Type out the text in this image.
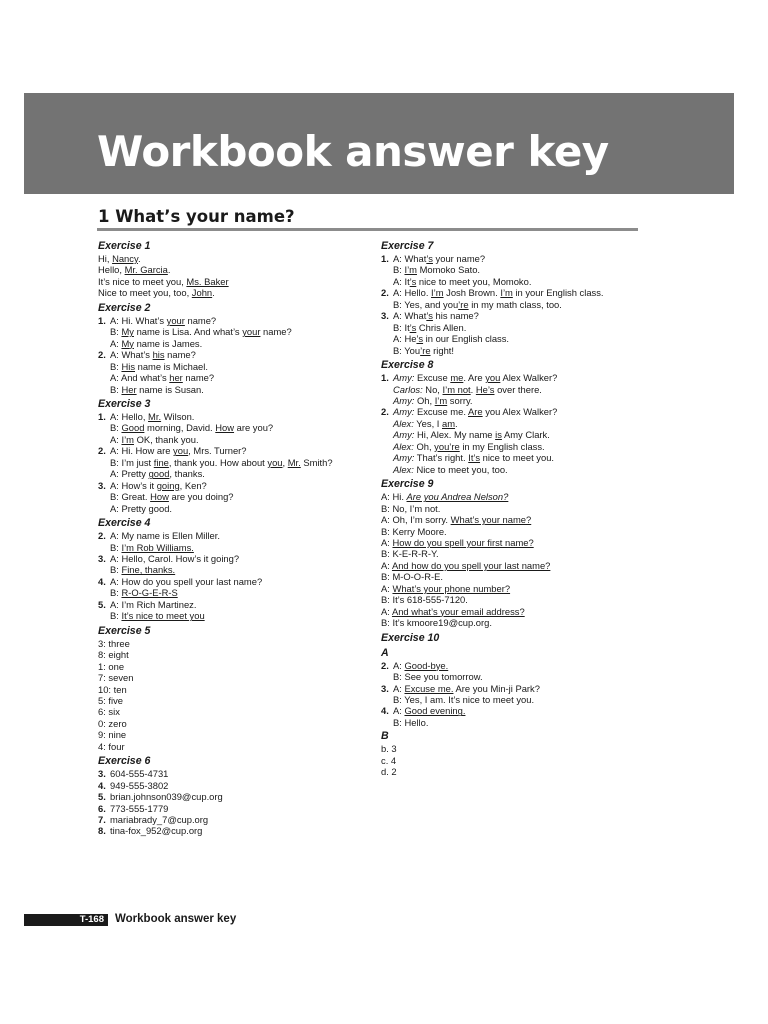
Workbook answer key
1 What’s your name?
Exercise 1
Hi, Nancy.
Hello, Mr. Garcia.
It’s nice to meet you, Ms. Baker
Nice to meet you, too, John.
Exercise 2
1. A: Hi. What’s your name?
B: My name is Lisa. And what’s your name?
A: My name is James.
2. A: What’s his name?
B: His name is Michael.
A: And what’s her name?
B: Her name is Susan.
Exercise 3
1. A: Hello, Mr. Wilson.
B: Good morning, David. How are you?
A: I’m OK, thank you.
2. A: Hi. How are you, Mrs. Turner?
B: I’m just fine, thank you. How about you, Mr. Smith?
A: Pretty good, thanks.
3. A: How’s it going, Ken?
B: Great. How are you doing?
A: Pretty good.
Exercise 4
2. A: My name is Ellen Miller.
B: I’m Rob Williams.
3. A: Hello, Carol. How’s it going?
B: Fine, thanks.
4. A: How do you spell your last name?
B: R-O-G-E-R-S
5. A: I’m Rich Martinez.
B: It’s nice to meet you
Exercise 5
3: three
8: eight
1: one
7: seven
10: ten
5: five
6: six
0: zero
9: nine
4: four
Exercise 6
3. 604-555-4731
4. 949-555-3802
5. brian.johnson039@cup.org
6. 773-555-1779
7. mariabrady_7@cup.org
8. tina-fox_952@cup.org
Exercise 7
1. A: What’s your name?
B: I’m Momoko Sato.
A: It’s nice to meet you, Momoko.
2. A: Hello. I’m Josh Brown. I’m in your English class.
B: Yes, and you’re in my math class, too.
3. A: What’s his name?
B: It’s Chris Allen.
A: He’s in our English class.
B: You’re right!
Exercise 8
1. Amy: Excuse me. Are you Alex Walker?
Carlos: No, I’m not. He’s over there.
Amy: Oh, I’m sorry.
2. Amy: Excuse me. Are you Alex Walker?
Alex: Yes, I am.
Amy: Hi, Alex. My name is Amy Clark.
Alex: Oh, you’re in my English class.
Amy: That’s right. It’s nice to meet you.
Alex: Nice to meet you, too.
Exercise 9
A: Hi. Are you Andrea Nelson?
B: No, I’m not.
A: Oh, I’m sorry. What’s your name?
B: Kerry Moore.
A: How do you spell your first name?
B: K-E-R-R-Y.
A: And how do you spell your last name?
B: M-O-O-R-E.
A: What’s your phone number?
B: It’s 618-555-7120.
A: And what’s your email address?
B: It’s kmoore19@cup.org.
Exercise 10
A
2. A: Good-bye.
B: See you tomorrow.
3. A: Excuse me. Are you Min-ji Park?
B: Yes, I am. It’s nice to meet you.
4. A: Good evening.
B: Hello.
B
b. 3
c. 4
d. 2
T-168 Workbook answer key
